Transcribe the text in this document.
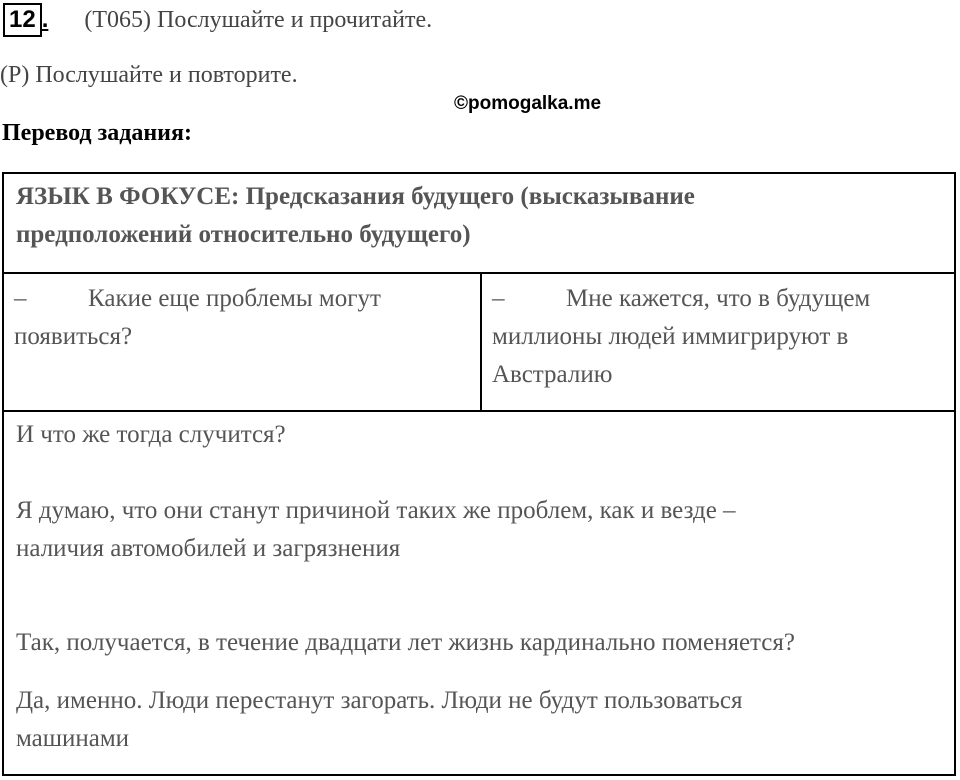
12 . (T065) Послушайте и прочитайте.
(P) Послушайте и повторите.
©pomogalka.me
Перевод задания:
ЯЗЫК В ФОКУСЕ: Предсказания будущего (высказывание
предположений относительно будущего)
– Какие еще проблемы могут
появиться?
– Мне кажется, что в будущем
миллионы людей иммигрируют в
Австралию
И что же тогда случится?
Я думаю, что они станут причиной таких же проблем, как и везде –
наличия автомобилей и загрязнения
Так, получается, в течение двадцати лет жизнь кардинально поменяется?
Да, именно. Люди перестанут загорать. Люди не будут пользоваться
машинами
